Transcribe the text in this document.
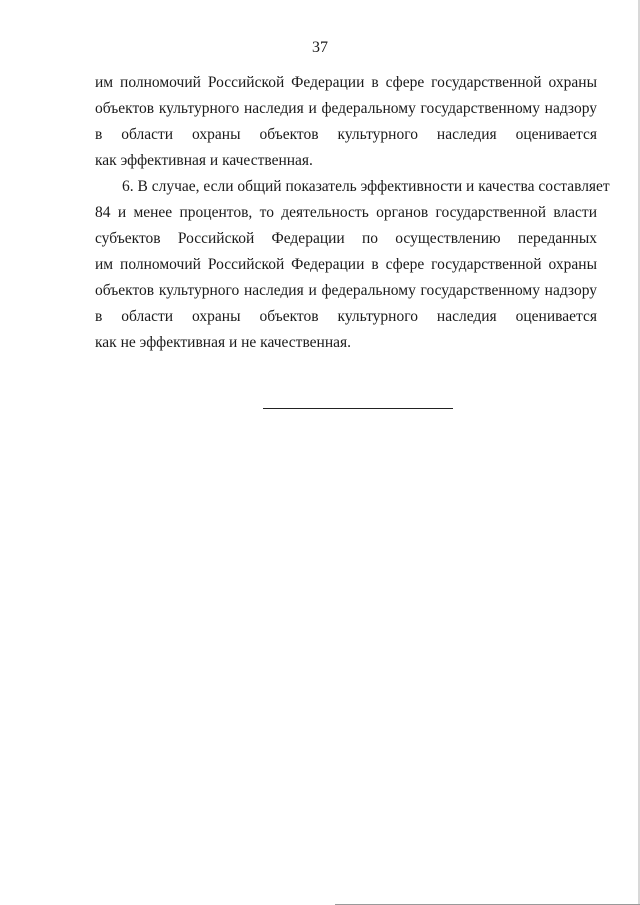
37
им полномочий Российской Федерации в сфере государственной охраны
объектов культурного наследия и федеральному государственному надзору
в области охраны объектов культурного наследия оценивается
как эффективная и качественная.
6. В случае, если общий показатель эффективности и качества составляет
84 и менее процентов, то деятельность органов государственной власти
субъектов Российской Федерации по осуществлению переданных
им полномочий Российской Федерации в сфере государственной охраны
объектов культурного наследия и федеральному государственному надзору
в области охраны объектов культурного наследия оценивается
как не эффективная и не качественная.
